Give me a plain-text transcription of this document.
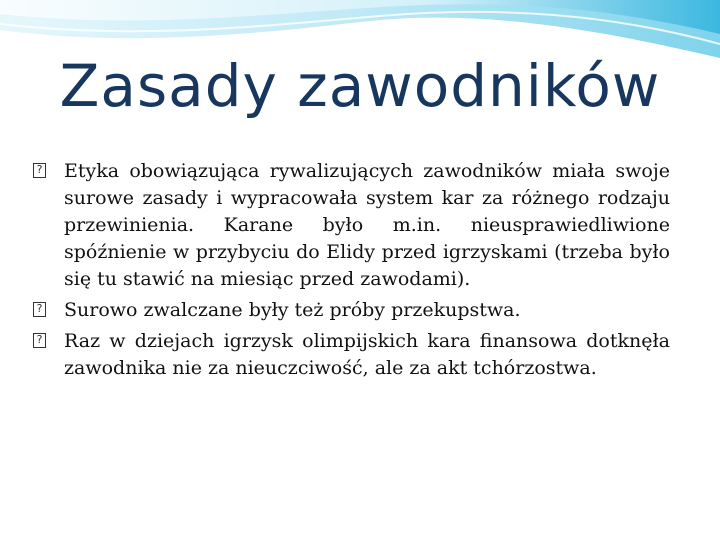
Zasady zawodników
? Etyka obowiązująca rywalizujących zawodników miała swoje surowe zasady i wypracowała system kar za różnego rodzaju przewinienia. Karane było m.in. nieusprawiedliwione spóźnienie w przybyciu do Elidy przed igrzyskami (trzeba było się tu stawić na miesiąc przed zawodami).
? Surowo zwalczane były też próby przekupstwa.
? Raz w dziejach igrzysk olimpijskich kara finansowa dotknęła zawodnika nie za nieuczciwość, ale za akt tchórzostwa.
